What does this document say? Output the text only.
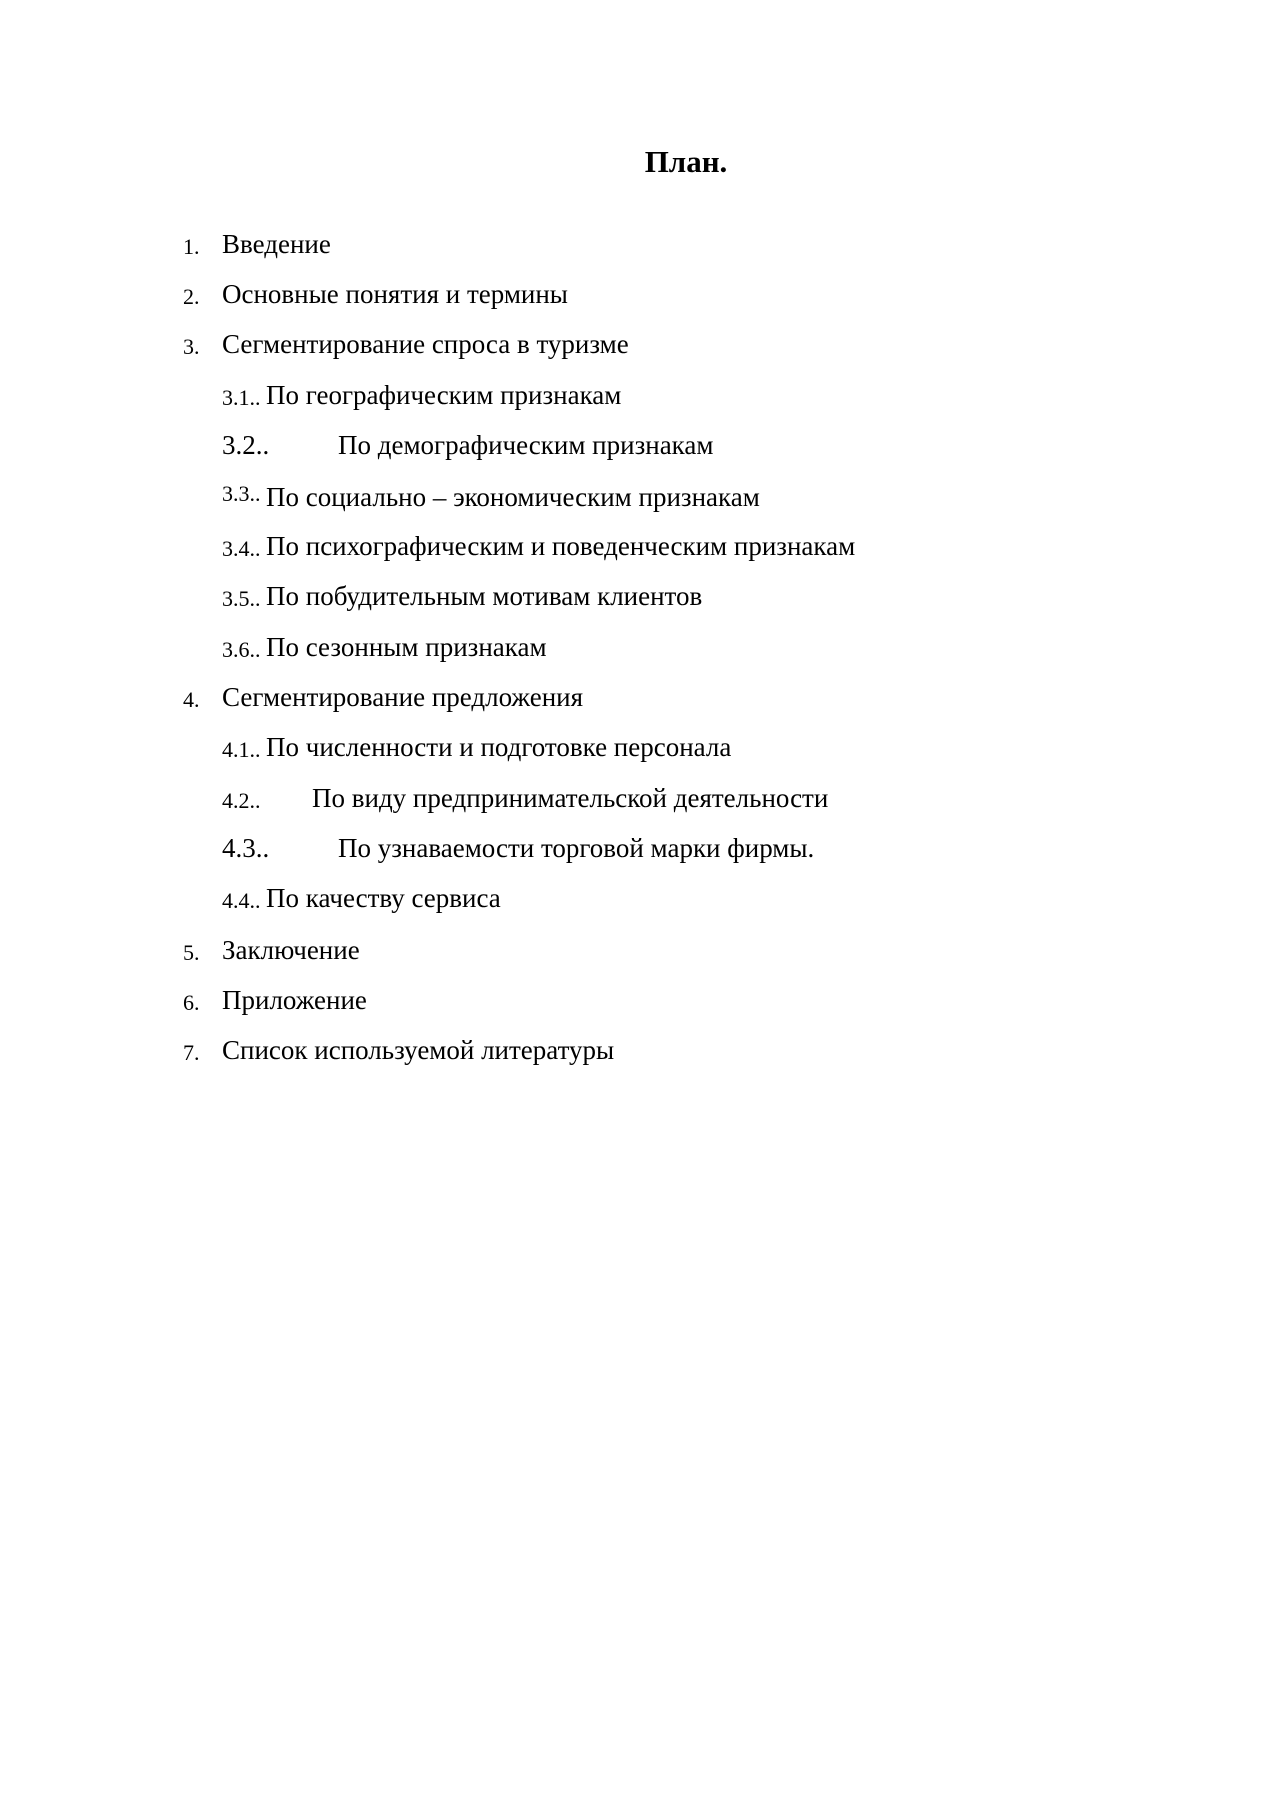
План.
1. Введение
2. Основные понятия и термины
3. Сегментирование спроса в туризме
3.1.. По географическим признакам
3.2..	По демографическим признакам
3.3.. По социально – экономическим признакам
3.4.. По психографическим и поведенческим признакам
3.5.. По побудительным мотивам клиентов
3.6.. По сезонным признакам
4. Сегментирование предложения
4.1.. По численности и подготовке персонала
4.2.. По виду предпринимательской деятельности
4.3..	По узнаваемости торговой марки фирмы.
4.4.. По качеству сервиса
5. Заключение
6. Приложение
7. Список используемой литературы
